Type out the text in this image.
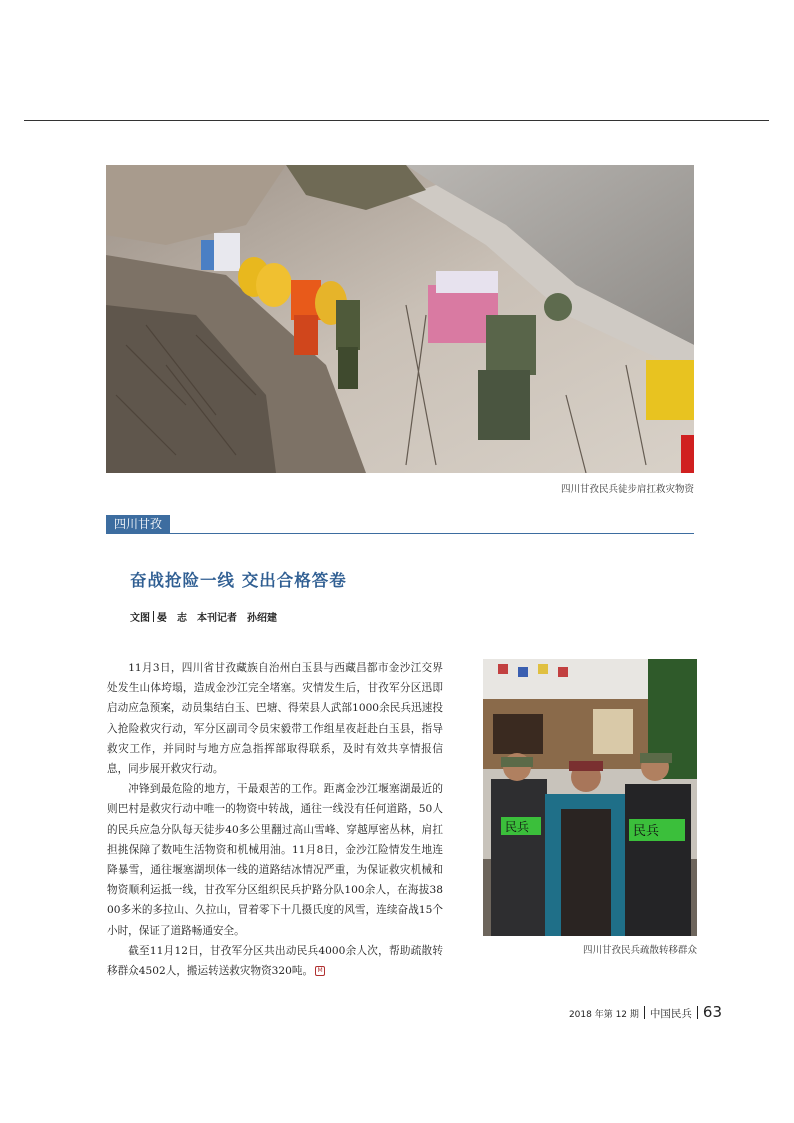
四川甘孜民兵徒步肩扛救灾物资
四川甘孜
奋战抢险一线 交出合格答卷
文图 晏　志　本刊记者　孙绍建

11月3日，四川省甘孜藏族自治州白玉县与西藏昌都市金沙江交界处发生山体垮塌，造成金沙江完全堵塞。灾情发生后，甘孜军分区迅即启动应急预案，动员集结白玉、巴塘、得荣县人武部1000余民兵迅速投入抢险救灾行动，军分区副司令员宋毅带工作组星夜赶赴白玉县，指导救灾工作，并同时与地方应急指挥部取得联系，及时有效共享情报信息，同步展开救灾行动。

冲锋到最危险的地方，干最艰苦的工作。距离金沙江堰塞湖最近的则巴村是救灾行动中唯一的物资中转战，通往一线没有任何道路，50人的民兵应急分队每天徒步40多公里翻过高山雪峰、穿越厚密丛林，肩扛担挑保障了数吨生活物资和机械用油。11月8日，金沙江险情发生地连降暴雪，通往堰塞湖坝体一线的道路结冰情况严重，为保证救灾机械和物资顺利运抵一线，甘孜军分区组织民兵护路分队100余人，在海拔3800多米的多拉山、久拉山，冒着零下十几摄氏度的风雪，连续奋战15个小时，保证了道路畅通安全。

截至11月12日，甘孜军分区共出动民兵4000余人次，帮助疏散转移群众4502人，搬运转送救灾物资320吨。 M

民兵	民兵
四川甘孜民兵疏散转移群众
2018 年第 12 期 中国民兵 63
